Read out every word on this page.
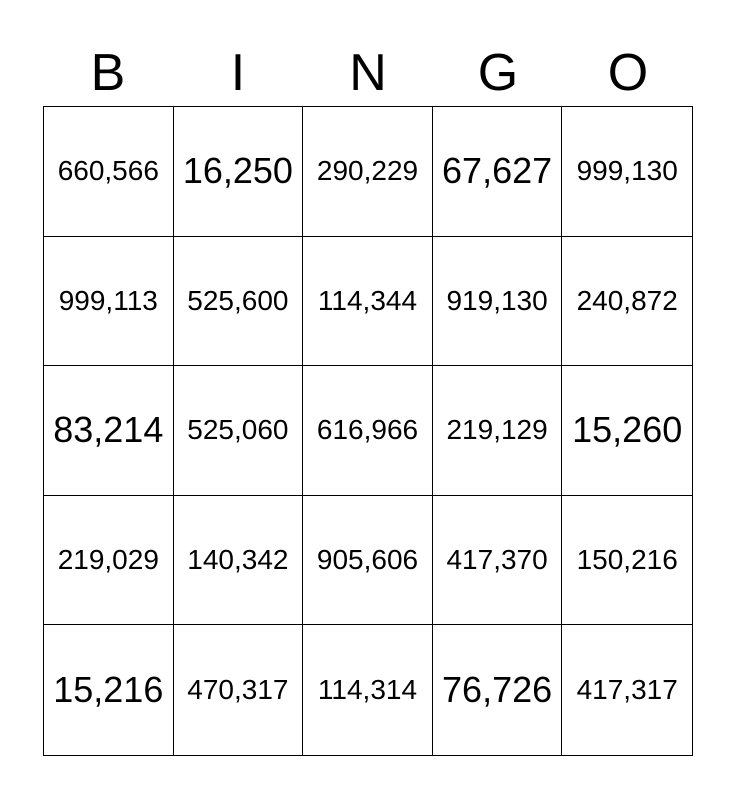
B	I	N	G	O
660,566 16,250 290,229 67,627 999,130
999,113	525,600	114,344	919,130	240,872
83,214 525,060	616,966	219,129 15,260
219,029	140,342	905,606	417,370	150,216
15,216 470,317	114,314 76,726 417,317
